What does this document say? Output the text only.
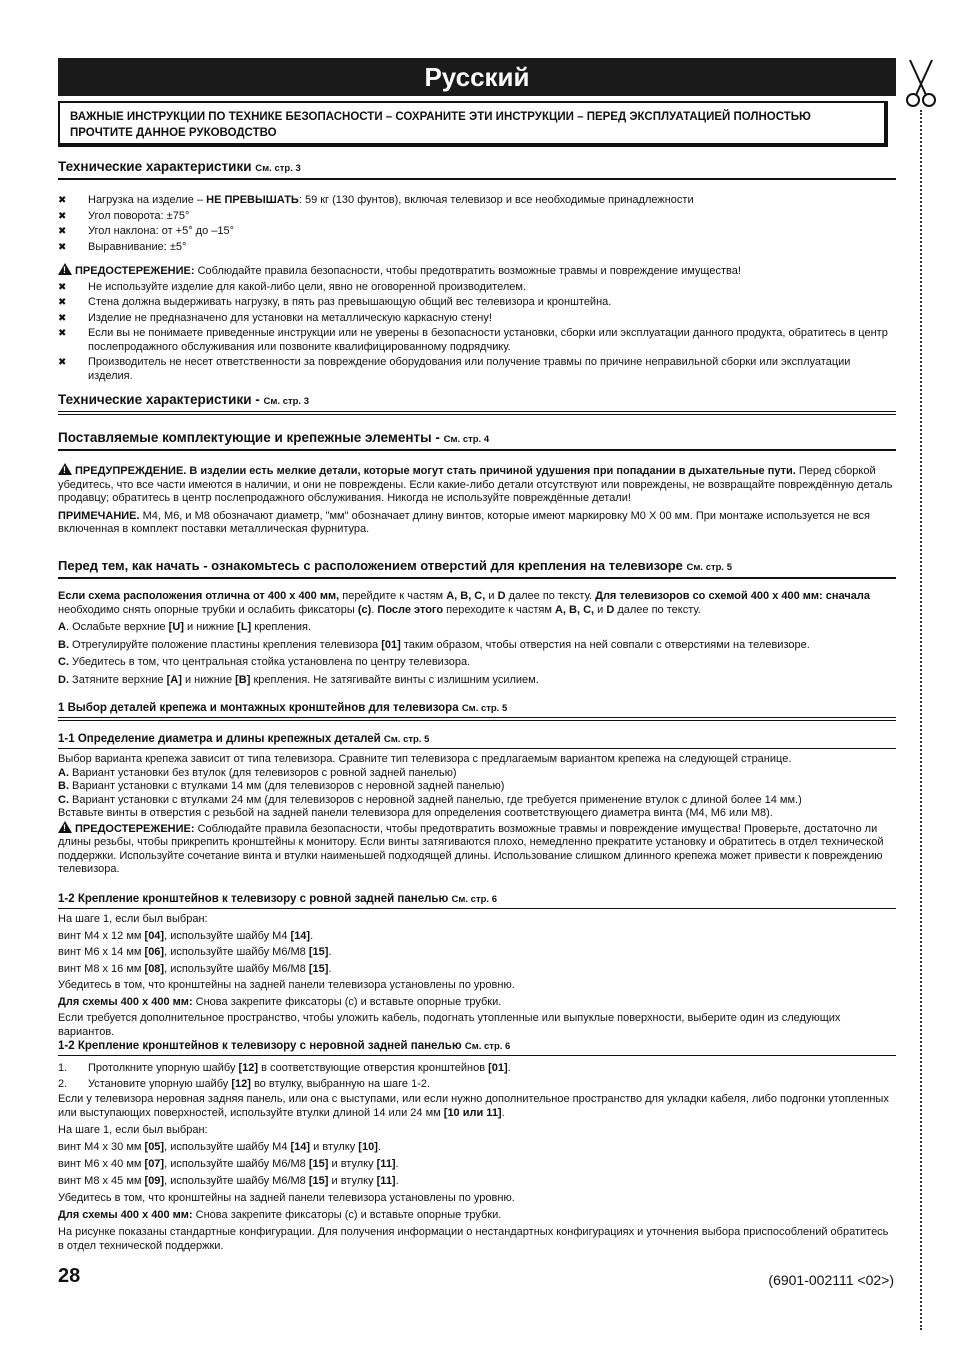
Русский
ВАЖНЫЕ ИНСТРУКЦИИ ПО ТЕХНИКЕ БЕЗОПАСНОСТИ – СОХРАНИТЕ ЭТИ ИНСТРУКЦИИ – ПЕРЕД ЭКСПЛУАТАЦИЕЙ ПОЛНОСТЬЮ ПРОЧТИТЕ ДАННОЕ РУКОВОДСТВО
Технические характеристики См. стр. 3
✖ Нагрузка на изделие – НЕ ПРЕВЫШАТЬ: 59 кг (130 фунтов), включая телевизор и все необходимые принадлежности
✖ Угол поворота: ±75°
✖ Угол наклона: от +5° до –15°
✖ Выравнивание: ±5°

!ПРЕДОСТЕРЕЖЕНИЕ: Соблюдайте правила безопасности, чтобы предотвратить возможные травмы и повреждение имущества!

✖ Не используйте изделие для какой-либо цели, явно не оговоренной производителем.
✖ Стена должна выдерживать нагрузку, в пять раз превышающую общий вес телевизора и кронштейна.
✖ Изделие не предназначено для установки на металлическую каркасную стену!
✖ Если вы не понимаете приведенные инструкции или не уверены в безопасности установки, сборки или эксплуатации данного продукта, обратитесь в центр послепродажного обслуживания или позвоните квалифицированному подрядчику.
✖ Производитель не несет ответственности за повреждение оборудования или получение травмы по причине неправильной сборки или эксплуатации изделия.
Технические характеристики - См. стр. 3
Поставляемые комплектующие и крепежные элементы - См. стр. 4

!ПРЕДУПРЕЖДЕНИЕ. В изделии есть мелкие детали, которые могут стать причиной удушения при попадании в дыхательные пути. Перед сборкой убедитесь, что все части имеются в наличии, и они не повреждены. Если какие-либо детали отсутствуют или повреждены, не возвращайте повреждённую деталь продавцу; обратитесь в центр послепродажного обслуживания. Никогда не используйте повреждённые детали!

ПРИМЕЧАНИЕ. M4, M6, и M8 обозначают диаметр, "мм" обозначает длину винтов, которые имеют маркировку M0 X 00 мм. При монтаже используется не вся включенная в комплект поставки металлическая фурнитура.

Перед тем, как начать - ознакомьтесь с расположением отверстий для крепления на телевизоре См. стр. 5

Если схема расположения отлична от 400 x 400 мм, перейдите к частям A, B, C, и D далее по тексту. Для телевизоров со схемой 400 x 400 мм: сначала необходимо снять опорные трубки и ослабить фиксаторы (c). После этого переходите к частям A, B, C, и D далее по тексту.

A. Ослабьте верхние [U] и нижние [L] крепления.

B. Отрегулируйте положение пластины крепления телевизора [01] таким образом, чтобы отверстия на ней совпали с отверстиями на телевизоре.

C. Убедитесь в том, что центральная стойка установлена по центру телевизора.

D. Затяните верхние [A] и нижние [B] крепления. Не затягивайте винты с излишним усилием.

1 Выбор деталей крепежа и монтажных кронштейнов для телевизора См. стр. 5
1-1 Определение диаметра и длины крепежных деталей См. стр. 5

Выбор варианта крепежа зависит от типа телевизора. Сравните тип телевизора с предлагаемым вариантом крепежа на следующей странице.

A. Вариант установки без втулок (для телевизоров с ровной задней панелью)

B. Вариант установки с втулками 14 мм (для телевизоров с неровной задней панелью)

C. Вариант установки с втулками 24 мм (для телевизоров с неровной задней панелью, где требуется применение втулок с длиной более 14 мм.)

Вставьте винты в отверстия с резьбой на задней панели телевизора для определения соответствующего диаметра винта (M4, M6 или M8).

!ПРЕДОСТЕРЕЖЕНИЕ: Соблюдайте правила безопасности, чтобы предотвратить возможные травмы и повреждение имущества! Проверьте, достаточно ли длины резьбы, чтобы прикрепить кронштейны к монитору. Если винты затягиваются плохо, немедленно прекратите установку и обратитесь в отдел технической поддержки. Используйте сочетание винта и втулки наименьшей подходящей длины. Использование слишком длинного крепежа может привести к повреждению телевизора.

1-2 Крепление кронштейнов к телевизору с ровной задней панелью См. стр. 6

На шаге 1, если был выбран:

винт M4 x 12 мм [04], используйте шайбу M4 [14].

винт M6 x 14 мм [06], используйте шайбу M6/M8 [15].

винт M8 x 16 мм [08], используйте шайбу M6/M8 [15].

Убедитесь в том, что кронштейны на задней панели телевизора установлены по уровню.

Для схемы 400 x 400 мм: Снова закрепите фиксаторы (c) и вставьте опорные трубки.

Если требуется дополнительное пространство, чтобы уложить кабель, подогнать утопленные или выпуклые поверхности, выберите один из следующих вариантов.

1-2 Крепление кронштейнов к телевизору с неровной задней панелью См. стр. 6
1. Протолкните упорную шайбу [12] в соответствующие отверстия кронштейнов [01].
2. Установите упорную шайбу [12] во втулку, выбранную на шаге 1-2.

Если у телевизора неровная задняя панель, или она с выступами, или если нужно дополнительное пространство для укладки кабеля, либо подгонки утопленных или выступающих поверхностей, используйте втулки длиной 14 или 24 мм [10 или 11].

На шаге 1, если был выбран:

винт M4 x 30 мм [05], используйте шайбу M4 [14] и втулку [10].

винт M6 x 40 мм [07], используйте шайбу M6/M8 [15] и втулку [11].

винт M8 x 45 мм [09], используйте шайбу M6/M8 [15] и втулку [11].

Убедитесь в том, что кронштейны на задней панели телевизора установлены по уровню.

Для схемы 400 x 400 мм: Снова закрепите фиксаторы (c) и вставьте опорные трубки.

На рисунке показаны стандартные конфигурации. Для получения информации о нестандартных конфигурациях и уточнения выбора приспособлений обратитесь в отдел технической поддержки.

28	(6901-002111 <02>)
